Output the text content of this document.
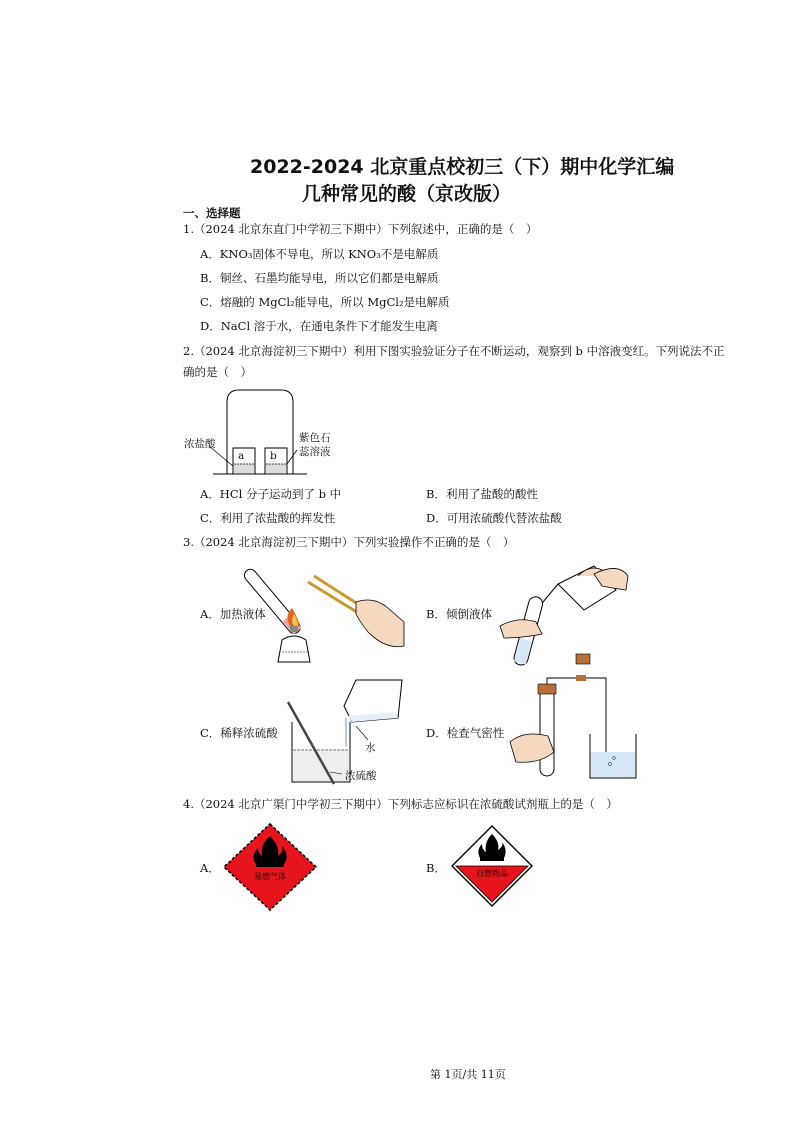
2022-2024 北京重点校初三（下）期中化学汇编
几种常见的酸（京改版）
一、选择题
1.（2024 北京东直门中学初三下期中）下列叙述中，正确的是（　）
A．KNO₃固体不导电，所以 KNO₃不是电解质
B．铜丝、石墨均能导电，所以它们都是电解质
C．熔融的 MgCl₂能导电，所以 MgCl₂是电解质
D．NaCl 溶于水，在通电条件下才能发生电离
2.（2024 北京海淀初三下期中）利用下图实验验证分子在不断运动，观察到 b 中溶液变红。下列说法不正
确的是（　）
a b
浓盐酸	紫色石
蕊溶液
A．HCl 分子运动到了 b 中	B．利用了盐酸的酸性
C．利用了浓盐酸的挥发性	D．可用浓硫酸代替浓盐酸
3.（2024 北京海淀初三下期中）下列实验操作不正确的是（　）
A．加热液体	B．倾倒液体
C．稀释浓硫酸	D．检查气密性
水
浓硫酸
4.（2024 北京广渠门中学初三下期中）下列标志应标识在浓硫酸试剂瓶上的是（　）
A．	B．
易燃气体	自燃物品
第 1页/共 11页
